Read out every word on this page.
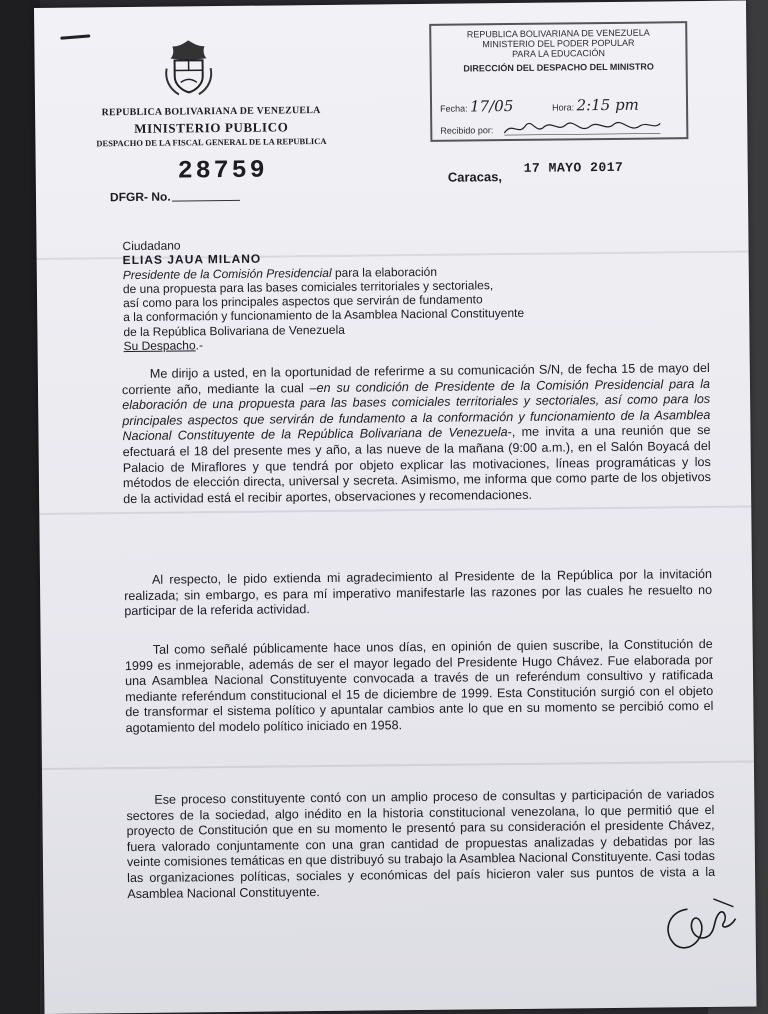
REPUBLICA BOLIVARIANA DE VENEZUELA
MINISTERIO PUBLICO
DESPACHO DE LA FISCAL GENERAL DE LA REPUBLICA
28759
DFGR- No.
REPUBLICA BOLIVARIANA DE VENEZUELA
MINISTERIO DEL PODER POPULAR
PARA LA EDUCACIÓN
DIRECCIÓN DEL DESPACHO DEL MINISTRO
Fecha: 17/05	Hora: 2:15 pm
Recibido por:
Caracas,
17 MAYO 2017
Ciudadano
ELIAS JAUA MILANO
Presidente de la Comisión Presidencial para la elaboración
de una propuesta para las bases comiciales territoriales y sectoriales,
así como para los principales aspectos que servirán de fundamento
a la conformación y funcionamiento de la Asamblea Nacional Constituyente
de la República Bolivariana de Venezuela
Su Despacho.-
Me dirijo a usted, en la oportunidad de referirme a su comunicación S/N, de fecha 15 de mayo del corriente año, mediante la cual –en su condición de Presidente de la Comisión Presidencial para la elaboración de una propuesta para las bases comiciales territoriales y sectoriales, así como para los principales aspectos que servirán de fundamento a la conformación y funcionamiento de la Asamblea Nacional Constituyente de la República Bolivariana de Venezuela-, me invita a una reunión que se efectuará el 18 del presente mes y año, a las nueve de la mañana (9:00 a.m.), en el Salón Boyacá del Palacio de Miraflores y que tendrá por objeto explicar las motivaciones, líneas programáticas y los métodos de elección directa, universal y secreta. Asimismo, me informa que como parte de los objetivos de la actividad está el recibir aportes, observaciones y recomendaciones.
Al respecto, le pido extienda mi agradecimiento al Presidente de la República por la invitación realizada; sin embargo, es para mí imperativo manifestarle las razones por las cuales he resuelto no participar de la referida actividad.
Tal como señalé públicamente hace unos días, en opinión de quien suscribe, la Constitución de 1999 es inmejorable, además de ser el mayor legado del Presidente Hugo Chávez. Fue elaborada por una Asamblea Nacional Constituyente convocada a través de un referéndum consultivo y ratificada mediante referéndum constitucional el 15 de diciembre de 1999. Esta Constitución surgió con el objeto de transformar el sistema político y apuntalar cambios ante lo que en su momento se percibió como el agotamiento del modelo político iniciado en 1958.
Ese proceso constituyente contó con un amplio proceso de consultas y participación de variados sectores de la sociedad, algo inédito en la historia constitucional venezolana, lo que permitió que el proyecto de Constitución que en su momento le presentó para su consideración el presidente Chávez, fuera valorado conjuntamente con una gran cantidad de propuestas analizadas y debatidas por las veinte comisiones temáticas en que distribuyó su trabajo la Asamblea Nacional Constituyente. Casi todas las organizaciones políticas, sociales y económicas del país hicieron valer sus puntos de vista a la Asamblea Nacional Constituyente.
